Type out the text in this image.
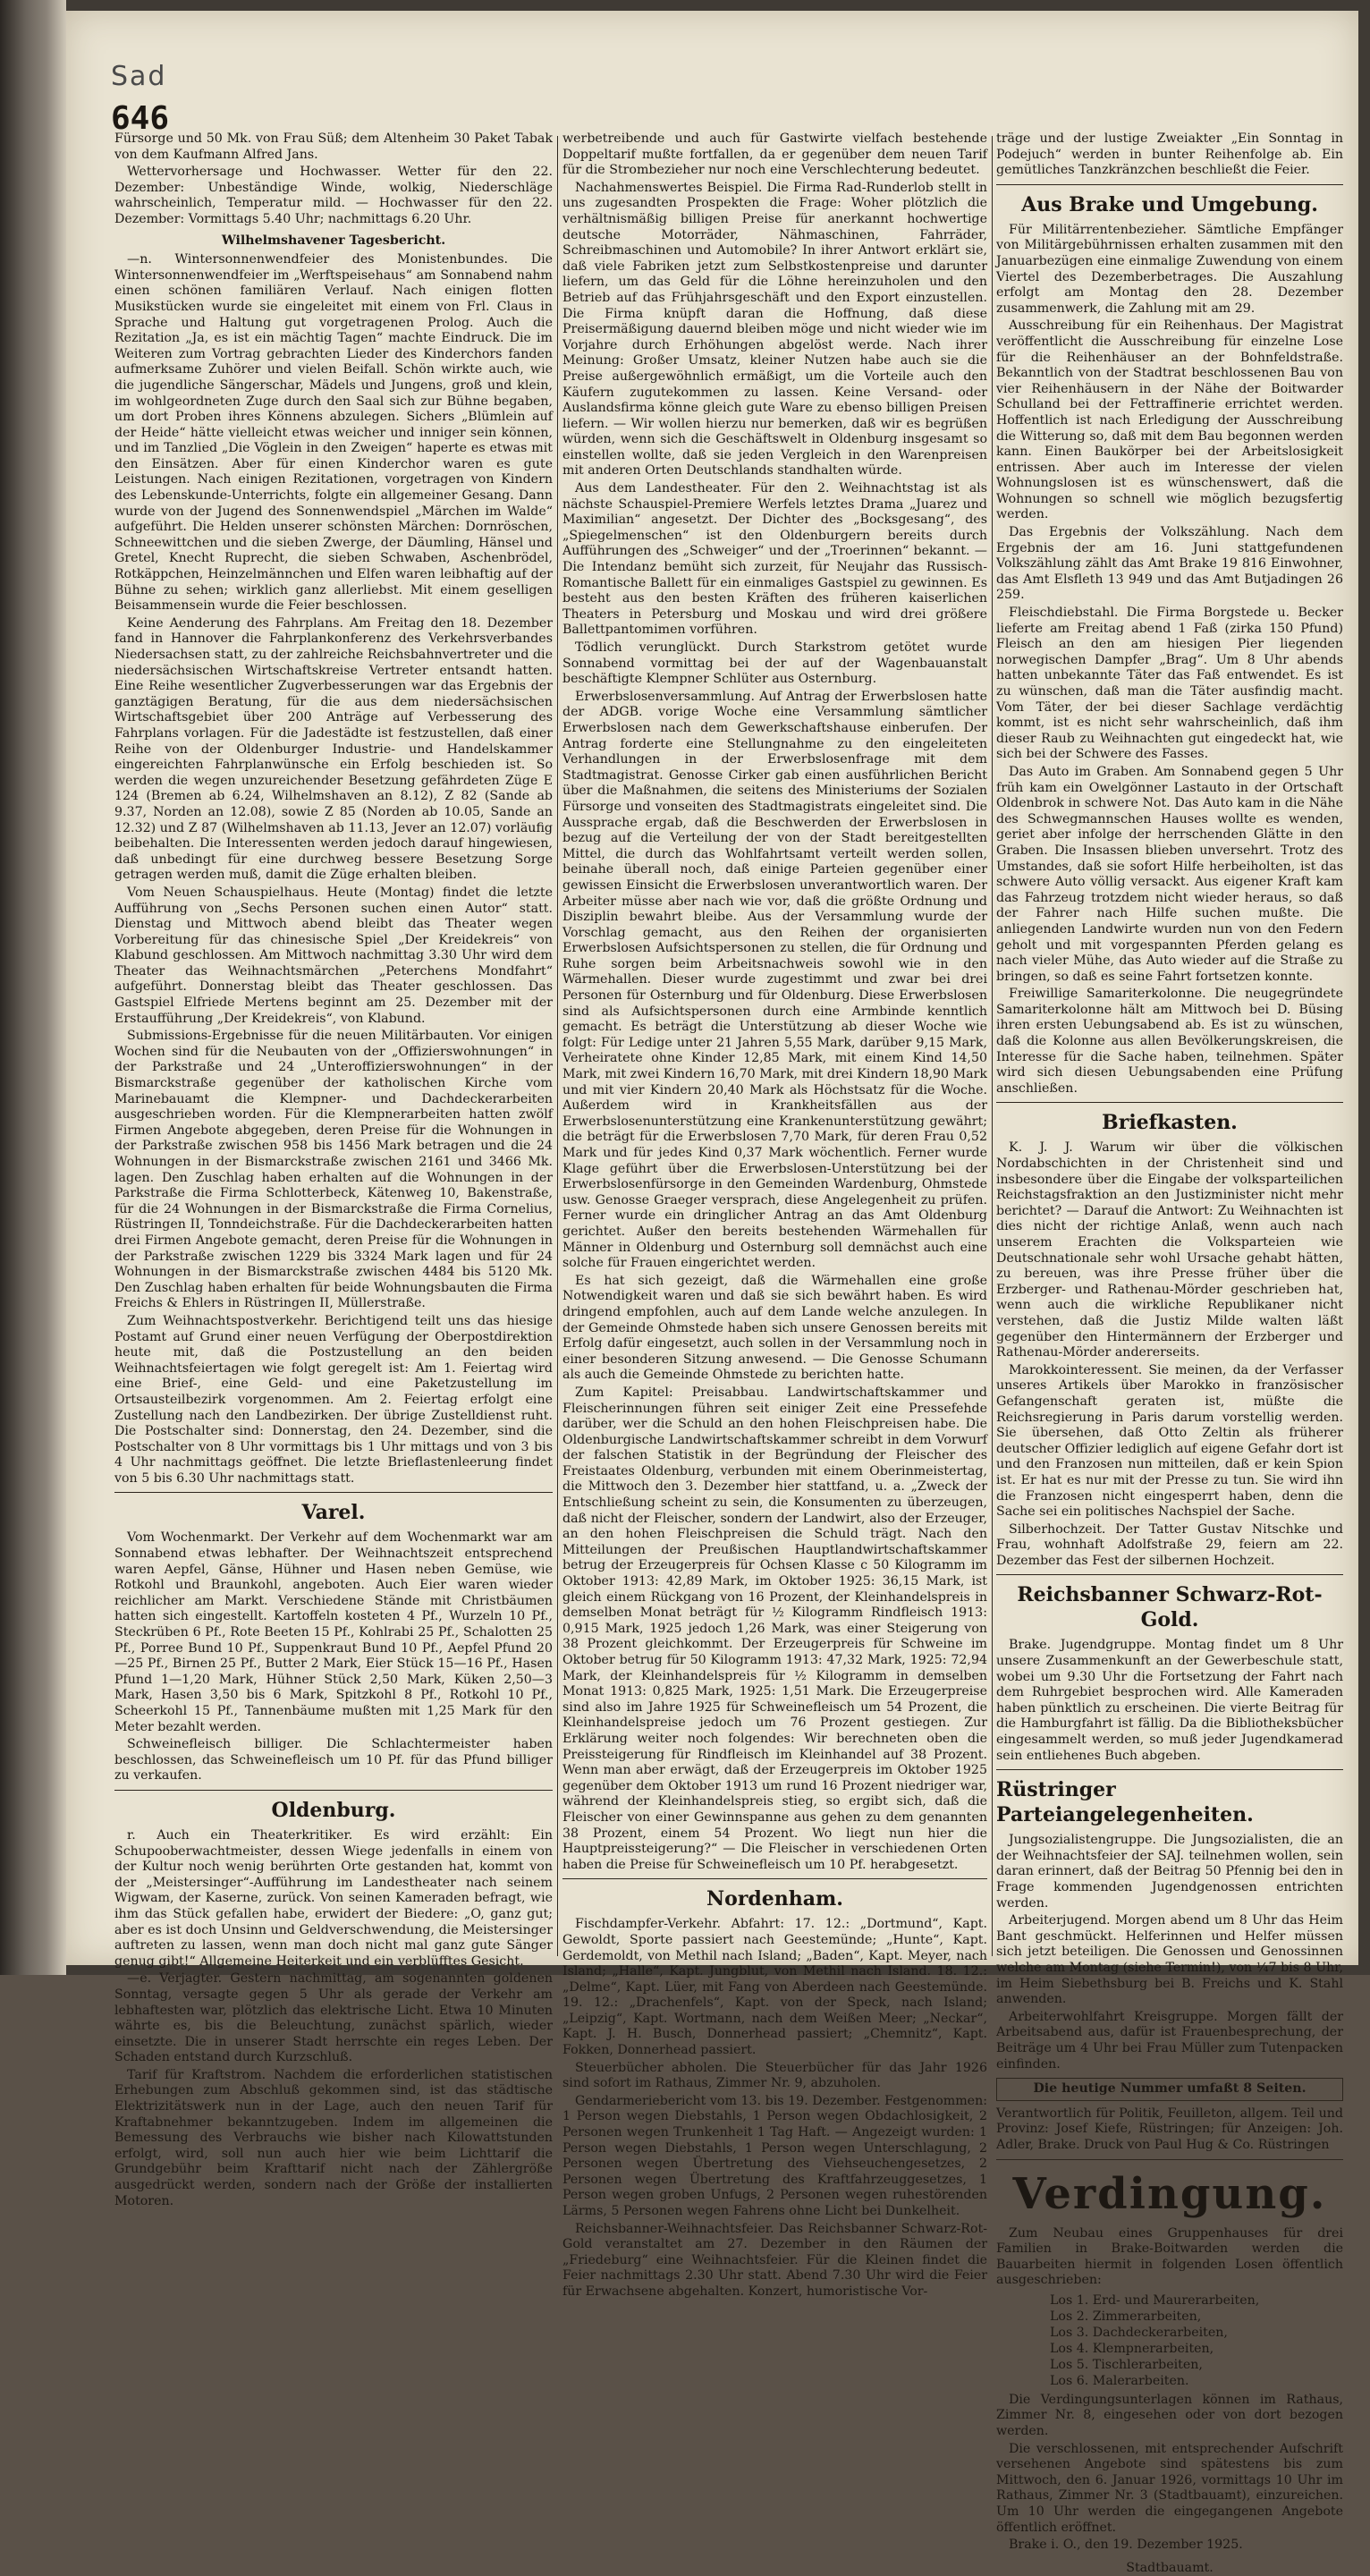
Sad
646

Fürsorge und 50 Mk. von Frau Süß; dem Altenheim 30 Paket Tabak von dem Kaufmann Alfred Jans.

Wettervorhersage und Hochwasser. Wetter für den 22. Dezember: Unbeständige Winde, wolkig, Niederschläge wahrscheinlich, Temperatur mild. — Hochwasser für den 22. Dezember: Vormittags 5.40 Uhr; nachmittags 6.20 Uhr.

Wilhelmshavener Tagesbericht.

—n. Wintersonnenwendfeier des Monistenbundes. Die Wintersonnenwendfeier im „Werftspeisehaus“ am Sonnabend nahm einen schönen familiären Verlauf. Nach einigen flotten Musikstücken wurde sie eingeleitet mit einem von Frl. Claus in Sprache und Haltung gut vorgetragenen Prolog. Auch die Rezitation „Ja, es ist ein mächtig Tagen“ machte Eindruck. Die im Weiteren zum Vortrag gebrachten Lieder des Kinderchors fanden aufmerksame Zuhörer und vielen Beifall. Schön wirkte auch, wie die jugendliche Sängerschar, Mädels und Jungens, groß und klein, im wohlgeordneten Zuge durch den Saal sich zur Bühne begaben, um dort Proben ihres Könnens abzulegen. Sichers „Blümlein auf der Heide“ hätte vielleicht etwas weicher und inniger sein können, und im Tanzlied „Die Vöglein in den Zweigen“ haperte es etwas mit den Einsätzen. Aber für einen Kinderchor waren es gute Leistungen. Nach einigen Rezitationen, vorgetragen von Kindern des Lebenskunde-Unterrichts, folgte ein allgemeiner Gesang. Dann wurde von der Jugend des Sonnenwendspiel „Märchen im Walde“ aufgeführt. Die Helden unserer schönsten Märchen: Dornröschen, Schneewittchen und die sieben Zwerge, der Däumling, Hänsel und Gretel, Knecht Ruprecht, die sieben Schwaben, Aschenbrödel, Rotkäppchen, Heinzelmännchen und Elfen waren leibhaftig auf der Bühne zu sehen; wirklich ganz allerliebst. Mit einem geselligen Beisammensein wurde die Feier beschlossen.

Keine Aenderung des Fahrplans. Am Freitag den 18. Dezember fand in Hannover die Fahrplankonferenz des Verkehrsverbandes Niedersachsen statt, zu der zahlreiche Reichsbahnvertreter und die niedersächsischen Wirtschaftskreise Vertreter entsandt hatten. Eine Reihe wesentlicher Zugverbesserungen war das Ergebnis der ganztägigen Beratung, für die aus dem niedersächsischen Wirtschaftsgebiet über 200 Anträge auf Verbesserung des Fahrplans vorlagen. Für die Jadestädte ist festzustellen, daß einer Reihe von der Oldenburger Industrie- und Handelskammer eingereichten Fahrplanwünsche ein Erfolg beschieden ist. So werden die wegen unzureichender Besetzung gefährdeten Züge E 124 (Bremen ab 6.24, Wilhelmshaven an 8.12), Z 82 (Sande ab 9.37, Norden an 12.08), sowie Z 85 (Norden ab 10.05, Sande an 12.32) und Z 87 (Wilhelmshaven ab 11.13, Jever an 12.07) vorläufig beibehalten. Die Interessenten werden jedoch darauf hingewiesen, daß unbedingt für eine durchweg bessere Besetzung Sorge getragen werden muß, damit die Züge erhalten bleiben.

Vom Neuen Schauspielhaus. Heute (Montag) findet die letzte Aufführung von „Sechs Personen suchen einen Autor“ statt. Dienstag und Mittwoch abend bleibt das Theater wegen Vorbereitung für das chinesische Spiel „Der Kreidekreis“ von Klabund geschlossen. Am Mittwoch nachmittag 3.30 Uhr wird dem Theater das Weihnachtsmärchen „Peterchens Mondfahrt“ aufgeführt. Donnerstag bleibt das Theater geschlossen. Das Gastspiel Elfriede Mertens beginnt am 25. Dezember mit der Erstaufführung „Der Kreidekreis“, von Klabund.

Submissions-Ergebnisse für die neuen Militärbauten. Vor einigen Wochen sind für die Neubauten von der „Offizierswohnungen“ in der Parkstraße und 24 „Unteroffizierswohnungen“ in der Bismarckstraße gegenüber der katholischen Kirche vom Marinebauamt die Klempner- und Dachdeckerarbeiten ausgeschrieben worden. Für die Klempnerarbeiten hatten zwölf Firmen Angebote abgegeben, deren Preise für die Wohnungen in der Parkstraße zwischen 958 bis 1456 Mark betragen und die 24 Wohnungen in der Bismarckstraße zwischen 2161 und 3466 Mk. lagen. Den Zuschlag haben erhalten auf die Wohnungen in der Parkstraße die Firma Schlotterbeck, Kätenweg 10, Bakenstraße, für die 24 Wohnungen in der Bismarckstraße die Firma Cornelius, Rüstringen II, Tonndeichstraße. Für die Dachdeckerarbeiten hatten drei Firmen Angebote gemacht, deren Preise für die Wohnungen in der Parkstraße zwischen 1229 bis 3324 Mark lagen und für 24 Wohnungen in der Bismarckstraße zwischen 4484 bis 5120 Mk. Den Zuschlag haben erhalten für beide Wohnungsbauten die Firma Freichs & Ehlers in Rüstringen II, Müllerstraße.

Zum Weihnachtspostverkehr. Berichtigend teilt uns das hiesige Postamt auf Grund einer neuen Verfügung der Oberpostdirektion heute mit, daß die Postzustellung an den beiden Weihnachtsfeiertagen wie folgt geregelt ist: Am 1. Feiertag wird eine Brief-, eine Geld- und eine Paketzustellung im Ortsausteilbezirk vorgenommen. Am 2. Feiertag erfolgt eine Zustellung nach den Landbezirken. Der übrige Zustelldienst ruht. Die Postschalter sind: Donnerstag, den 24. Dezember, sind die Postschalter von 8 Uhr vormittags bis 1 Uhr mittags und von 3 bis 4 Uhr nachmittags geöffnet. Die letzte Brieflastenleerung findet von 5 bis 6.30 Uhr nachmittags statt.

Varel.

Vom Wochenmarkt. Der Verkehr auf dem Wochenmarkt war am Sonnabend etwas lebhafter. Der Weihnachtszeit entsprechend waren Aepfel, Gänse, Hühner und Hasen neben Gemüse, wie Rotkohl und Braunkohl, angeboten. Auch Eier waren wieder reichlicher am Markt. Verschiedene Stände mit Christbäumen hatten sich eingestellt. Kartoffeln kosteten 4 Pf., Wurzeln 10 Pf., Steckrüben 6 Pf., Rote Beeten 15 Pf., Kohlrabi 25 Pf., Schalotten 25 Pf., Porree Bund 10 Pf., Suppenkraut Bund 10 Pf., Aepfel Pfund 20—25 Pf., Birnen 25 Pf., Butter 2 Mark, Eier Stück 15—16 Pf., Hasen Pfund 1—1,20 Mark, Hühner Stück 2,50 Mark, Küken 2,50—3 Mark, Hasen 3,50 bis 6 Mark, Spitzkohl 8 Pf., Rotkohl 10 Pf., Scheerkohl 15 Pf., Tannenbäume mußten mit 1,25 Mark für den Meter bezahlt werden.

Schweinefleisch billiger. Die Schlachtermeister haben beschlossen, das Schweinefleisch um 10 Pf. für das Pfund billiger zu verkaufen.

Oldenburg.

r. Auch ein Theaterkritiker. Es wird erzählt: Ein Schupooberwachtmeister, dessen Wiege jedenfalls in einem von der Kultur noch wenig berührten Orte gestanden hat, kommt von der „Meistersinger“-Aufführung im Landestheater nach seinem Wigwam, der Kaserne, zurück. Von seinen Kameraden befragt, wie ihm das Stück gefallen habe, erwidert der Biedere: „O, ganz gut; aber es ist doch Unsinn und Geldverschwendung, die Meistersinger auftreten zu lassen, wenn man doch nicht mal ganz gute Sänger genug gibt!“ Allgemeine Heiterkeit und ein verblüfftes Gesicht.

—e. Verjagter. Gestern nachmittag, am sogenannten goldenen Sonntag, versagte gegen 5 Uhr als gerade der Verkehr am lebhaftesten war, plötzlich das elektrische Licht. Etwa 10 Minuten währte es, bis die Beleuchtung, zunächst spärlich, wieder einsetzte. Die in unserer Stadt herrschte ein reges Leben. Der Schaden entstand durch Kurzschluß.

Tarif für Kraftstrom. Nachdem die erforderlichen statistischen Erhebungen zum Abschluß gekommen sind, ist das städtische Elektrizitätswerk nun in der Lage, auch den neuen Tarif für Kraftabnehmer bekanntzugeben. Indem im allgemeinen die Bemessung des Verbrauchs wie bisher nach Kilowattstunden erfolgt, wird, soll nun auch hier wie beim Lichttarif die Grundgebühr beim Krafttarif nicht nach der Zählergröße ausgedrückt werden, sondern nach der Größe der installierten Motoren.

werbetreibende und auch für Gastwirte vielfach bestehende Doppeltarif mußte fortfallen, da er gegenüber dem neuen Tarif für die Strombezieher nur noch eine Verschlechterung bedeutet.

Nachahmenswertes Beispiel. Die Firma Rad-Runderlob stellt in uns zugesandten Prospekten die Frage: Woher plötzlich die verhältnismäßig billigen Preise für anerkannt hochwertige deutsche Motorräder, Nähmaschinen, Fahrräder, Schreibmaschinen und Automobile? In ihrer Antwort erklärt sie, daß viele Fabriken jetzt zum Selbstkostenpreise und darunter liefern, um das Geld für die Löhne hereinzuholen und den Betrieb auf das Frühjahrsgeschäft und den Export einzustellen. Die Firma knüpft daran die Hoffnung, daß diese Preisermäßigung dauernd bleiben möge und nicht wieder wie im Vorjahre durch Erhöhungen abgelöst werde. Nach ihrer Meinung: Großer Umsatz, kleiner Nutzen habe auch sie die Preise außergewöhnlich ermäßigt, um die Vorteile auch den Käufern zugutekommen zu lassen. Keine Versand- oder Auslandsfirma könne gleich gute Ware zu ebenso billigen Preisen liefern. — Wir wollen hierzu nur bemerken, daß wir es begrüßen würden, wenn sich die Geschäftswelt in Oldenburg insgesamt so einstellen wollte, daß sie jeden Vergleich in den Warenpreisen mit anderen Orten Deutschlands standhalten würde.

Aus dem Landestheater. Für den 2. Weihnachtstag ist als nächste Schauspiel-Premiere Werfels letztes Drama „Juarez und Maximilian“ angesetzt. Der Dichter des „Bocksgesang“, des „Spiegelmenschen“ ist den Oldenburgern bereits durch Aufführungen des „Schweiger“ und der „Troerinnen“ bekannt. — Die Intendanz bemüht sich zurzeit, für Neujahr das Russisch-Romantische Ballett für ein einmaliges Gastspiel zu gewinnen. Es besteht aus den besten Kräften des früheren kaiserlichen Theaters in Petersburg und Moskau und wird drei größere Ballettpantomimen vorführen.

Tödlich verunglückt. Durch Starkstrom getötet wurde Sonnabend vormittag bei der auf der Wagenbauanstalt beschäftigte Klempner Schlüter aus Osternburg.

Erwerbslosenversammlung. Auf Antrag der Erwerbslosen hatte der ADGB. vorige Woche eine Versammlung sämtlicher Erwerbslosen nach dem Gewerkschaftshause einberufen. Der Antrag forderte eine Stellungnahme zu den eingeleiteten Verhandlungen in der Erwerbslosenfrage mit dem Stadtmagistrat. Genosse Cirker gab einen ausführlichen Bericht über die Maßnahmen, die seitens des Ministeriums der Sozialen Fürsorge und vonseiten des Stadtmagistrats eingeleitet sind. Die Aussprache ergab, daß die Beschwerden der Erwerbslosen in bezug auf die Verteilung der von der Stadt bereitgestellten Mittel, die durch das Wohlfahrtsamt verteilt werden sollen, beinahe überall noch, daß einige Parteien gegenüber einer gewissen Einsicht die Erwerbslosen unverantwortlich waren. Der Arbeiter müsse aber nach wie vor, daß die größte Ordnung und Disziplin bewahrt bleibe. Aus der Versammlung wurde der Vorschlag gemacht, aus den Reihen der organisierten Erwerbslosen Aufsichtspersonen zu stellen, die für Ordnung und Ruhe sorgen beim Arbeitsnachweis sowohl wie in den Wärmehallen. Dieser wurde zugestimmt und zwar bei drei Personen für Osternburg und für Oldenburg. Diese Erwerbslosen sind als Aufsichtspersonen durch eine Armbinde kenntlich gemacht. Es beträgt die Unterstützung ab dieser Woche wie folgt: Für Ledige unter 21 Jahren 5,55 Mark, darüber 9,15 Mark, Verheiratete ohne Kinder 12,85 Mark, mit einem Kind 14,50 Mark, mit zwei Kindern 16,70 Mark, mit drei Kindern 18,90 Mark und mit vier Kindern 20,40 Mark als Höchstsatz für die Woche. Außerdem wird in Krankheitsfällen aus der Erwerbslosenunterstützung eine Krankenunterstützung gewährt; die beträgt für die Erwerbslosen 7,70 Mark, für deren Frau 0,52 Mark und für jedes Kind 0,37 Mark wöchentlich. Ferner wurde Klage geführt über die Erwerbslosen-Unterstützung bei der Erwerbslosenfürsorge in den Gemeinden Wardenburg, Ohmstede usw. Genosse Graeger versprach, diese Angelegenheit zu prüfen. Ferner wurde ein dringlicher Antrag an das Amt Oldenburg gerichtet. Außer den bereits bestehenden Wärmehallen für Männer in Oldenburg und Osternburg soll demnächst auch eine solche für Frauen eingerichtet werden.

Es hat sich gezeigt, daß die Wärmehallen eine große Notwendigkeit waren und daß sie sich bewährt haben. Es wird dringend empfohlen, auch auf dem Lande welche anzulegen. In der Gemeinde Ohmstede haben sich unsere Genossen bereits mit Erfolg dafür eingesetzt, auch sollen in der Versammlung noch in einer besonderen Sitzung anwesend. — Die Genosse Schumann als auch die Gemeinde Ohmstede zu berichten hatte.

Zum Kapitel: Preisabbau. Landwirtschaftskammer und Fleischerinnungen führen seit einiger Zeit eine Pressefehde darüber, wer die Schuld an den hohen Fleischpreisen habe. Die Oldenburgische Landwirtschaftskammer schreibt in dem Vorwurf der falschen Statistik in der Begründung der Fleischer des Freistaates Oldenburg, verbunden mit einem Oberinmeistertag, die Mittwoch den 3. Dezember hier stattfand, u. a. „Zweck der Entschließung scheint zu sein, die Konsumenten zu überzeugen, daß nicht der Fleischer, sondern der Landwirt, also der Erzeuger, an den hohen Fleischpreisen die Schuld trägt. Nach den Mitteilungen der Preußischen Hauptlandwirtschaftskammer betrug der Erzeugerpreis für Ochsen Klasse c 50 Kilogramm im Oktober 1913: 42,89 Mark, im Oktober 1925: 36,15 Mark, ist gleich einem Rückgang von 16 Prozent, der Kleinhandelspreis in demselben Monat beträgt für ½ Kilogramm Rindfleisch 1913: 0,915 Mark, 1925 jedoch 1,26 Mark, was einer Steigerung von 38 Prozent gleichkommt. Der Erzeugerpreis für Schweine im Oktober betrug für 50 Kilogramm 1913: 47,32 Mark, 1925: 72,94 Mark, der Kleinhandelspreis für ½ Kilogramm in demselben Monat 1913: 0,825 Mark, 1925: 1,51 Mark. Die Erzeugerpreise sind also im Jahre 1925 für Schweinefleisch um 54 Prozent, die Kleinhandelspreise jedoch um 76 Prozent gestiegen. Zur Erklärung weiter noch folgendes: Wir berechneten oben die Preissteigerung für Rindfleisch im Kleinhandel auf 38 Prozent. Wenn man aber erwägt, daß der Erzeugerpreis im Oktober 1925 gegenüber dem Oktober 1913 um rund 16 Prozent niedriger war, während der Kleinhandelspreis stieg, so ergibt sich, daß die Fleischer von einer Gewinnspanne aus gehen zu dem genannten 38 Prozent, einem 54 Prozent. Wo liegt nun hier die Hauptpreissteigerung?“ — Die Fleischer in verschiedenen Orten haben die Preise für Schweinefleisch um 10 Pf. herabgesetzt.

Nordenham.

Fischdampfer-Verkehr. Abfahrt: 17. 12.: „Dortmund“, Kapt. Gewoldt, Sporte passiert nach Geestemünde; „Hunte“, Kapt. Gerdemoldt, von Methil nach Island; „Baden“, Kapt. Meyer, nach Island; „Halle“, Kapt. Jungblut, von Methil nach Island. 18. 12.: „Delme“, Kapt. Lüer, mit Fang von Aberdeen nach Geestemünde. 19. 12.: „Drachenfels“, Kapt. von der Speck, nach Island; „Leipzig“, Kapt. Wortmann, nach dem Weißen Meer; „Neckar“, Kapt. J. H. Busch, Donnerhead passiert; „Chemnitz“, Kapt. Fokken, Donnerhead passiert.

Steuerbücher abholen. Die Steuerbücher für das Jahr 1926 sind sofort im Rathaus, Zimmer Nr. 9, abzuholen.

Gendarmeriebericht vom 13. bis 19. Dezember. Festgenommen: 1 Person wegen Diebstahls, 1 Person wegen Obdachlosigkeit, 2 Personen wegen Trunkenheit 1 Tag Haft. — Angezeigt wurden: 1 Person wegen Diebstahls, 1 Person wegen Unterschlagung, 2 Personen wegen Übertretung des Viehseuchengesetzes, 2 Personen wegen Übertretung des Kraftfahrzeuggesetzes, 1 Person wegen groben Unfugs, 2 Personen wegen ruhestörenden Lärms, 5 Personen wegen Fahrens ohne Licht bei Dunkelheit.

Reichsbanner-Weihnachtsfeier. Das Reichsbanner Schwarz-Rot-Gold veranstaltet am 27. Dezember in den Räumen der „Friedeburg“ eine Weihnachtsfeier. Für die Kleinen findet die Feier nachmittags 2.30 Uhr statt. Abend 7.30 Uhr wird die Feier für Erwachsene abgehalten. Konzert, humoristische Vor-

träge und der lustige Zweiakter „Ein Sonntag in Podejuch“ werden in bunter Reihenfolge ab. Ein gemütliches Tanzkränzchen beschließt die Feier.

Aus Brake und Umgebung.

Für Militärrentenbezieher. Sämtliche Empfänger von Militärgebührnissen erhalten zusammen mit den Januarbezügen eine einmalige Zuwendung von einem Viertel des Dezemberbetrages. Die Auszahlung erfolgt am Montag den 28. Dezember zusammenwerk, die Zahlung mit am 29.

Ausschreibung für ein Reihenhaus. Der Magistrat veröffentlicht die Ausschreibung für einzelne Lose für die Reihenhäuser an der Bohnfeldstraße. Bekanntlich von der Stadtrat beschlossenen Bau von vier Reihenhäusern in der Nähe der Boitwarder Schulland bei der Fettraffinerie errichtet werden. Hoffentlich ist nach Erledigung der Ausschreibung die Witterung so, daß mit dem Bau begonnen werden kann. Einen Baukörper bei der Arbeitslosigkeit entrissen. Aber auch im Interesse der vielen Wohnungslosen ist es wünschenswert, daß die Wohnungen so schnell wie möglich bezugsfertig werden.

Das Ergebnis der Volkszählung. Nach dem Ergebnis der am 16. Juni stattgefundenen Volkszählung zählt das Amt Brake 19 816 Einwohner, das Amt Elsfleth 13 949 und das Amt Butjadingen 26 259.

Fleischdiebstahl. Die Firma Borgstede u. Becker lieferte am Freitag abend 1 Faß (zirka 150 Pfund) Fleisch an den am hiesigen Pier liegenden norwegischen Dampfer „Brag“. Um 8 Uhr abends hatten unbekannte Täter das Faß entwendet. Es ist zu wünschen, daß man die Täter ausfindig macht. Vom Täter, der bei dieser Sachlage verdächtig kommt, ist es nicht sehr wahrscheinlich, daß ihm dieser Raub zu Weihnachten gut eingedeckt hat, wie sich bei der Schwere des Fasses.

Das Auto im Graben. Am Sonnabend gegen 5 Uhr früh kam ein Owelgönner Lastauto in der Ortschaft Oldenbrok in schwere Not. Das Auto kam in die Nähe des Schwegmannschen Hauses wollte es wenden, geriet aber infolge der herrschenden Glätte in den Graben. Die Insassen blieben unversehrt. Trotz des Umstandes, daß sie sofort Hilfe herbeiholten, ist das schwere Auto völlig versackt. Aus eigener Kraft kam das Fahrzeug trotzdem nicht wieder heraus, so daß der Fahrer nach Hilfe suchen mußte. Die anliegenden Landwirte wurden nun von den Federn geholt und mit vorgespannten Pferden gelang es nach vieler Mühe, das Auto wieder auf die Straße zu bringen, so daß es seine Fahrt fortsetzen konnte.

Freiwillige Samariterkolonne. Die neugegründete Samariterkolonne hält am Mittwoch bei D. Büsing ihren ersten Uebungsabend ab. Es ist zu wünschen, daß die Kolonne aus allen Bevölkerungskreisen, die Interesse für die Sache haben, teilnehmen. Später wird sich diesen Uebungsabenden eine Prüfung anschließen.

Briefkasten.

K. J. J. Warum wir über die völkischen Nordabschichten in der Christenheit sind und insbesondere über die Eingabe der volksparteilichen Reichstagsfraktion an den Justizminister nicht mehr berichtet? — Darauf die Antwort: Zu Weihnachten ist dies nicht der richtige Anlaß, wenn auch nach unserem Erachten die Volksparteien wie Deutschnationale sehr wohl Ursache gehabt hätten, zu bereuen, was ihre Presse früher über die Erzberger- und Rathenau-Mörder geschrieben hat, wenn auch die wirkliche Republikaner nicht verstehen, daß die Justiz Milde walten läßt gegenüber den Hintermännern der Erzberger und Rathenau-Mörder andererseits.

Marokkointeressent. Sie meinen, da der Verfasser unseres Artikels über Marokko in französischer Gefangenschaft geraten ist, müßte die Reichsregierung in Paris darum vorstellig werden. Sie übersehen, daß Otto Zeltin als früherer deutscher Offizier lediglich auf eigene Gefahr dort ist und den Franzosen nun mitteilen, daß er kein Spion ist. Er hat es nur mit der Presse zu tun. Sie wird ihn die Franzosen nicht eingesperrt haben, denn die Sache sei ein politisches Nachspiel der Sache.

Silberhochzeit. Der Tatter Gustav Nitschke und Frau, wohnhaft Adolfstraße 29, feiern am 22. Dezember das Fest der silbernen Hochzeit.

Reichsbanner Schwarz-Rot-Gold.

Brake. Jugendgruppe. Montag findet um 8 Uhr unsere Zusammenkunft an der Gewerbeschule statt, wobei um 9.30 Uhr die Fortsetzung der Fahrt nach dem Ruhrgebiet besprochen wird. Alle Kameraden haben pünktlich zu erscheinen. Die vierte Beitrag für die Hamburgfahrt ist fällig. Da die Bibliotheksbücher eingesammelt werden, so muß jeder Jugendkamerad sein entliehenes Buch abgeben.

Rüstringer Parteiangelegenheiten.

Jungsozialistengruppe. Die Jungsozialisten, die an der Weihnachtsfeier der SAJ. teilnehmen wollen, sein daran erinnert, daß der Beitrag 50 Pfennig bei den in Frage kommenden Jugendgenossen entrichten werden.

Arbeiterjugend. Morgen abend um 8 Uhr das Heim Bant geschmückt. Helferinnen und Helfer müssen sich jetzt beteiligen. Die Genossen und Genossinnen welche am Montag (siehe Termin!), von ¼7 bis 8 Uhr, im Heim Siebethsburg bei B. Freichs und K. Stahl anwenden.

Arbeiterwohlfahrt Kreisgruppe. Morgen fällt der Arbeitsabend aus, dafür ist Frauenbesprechung, der Beiträge um 4 Uhr bei Frau Müller zum Tutenpacken einfinden.

Die heutige Nummer umfaßt 8 Seiten.

Verantwortlich für Politik, Feuilleton, allgem. Teil und Provinz: Josef Kiefe, Rüstringen; für Anzeigen: Joh. Adler, Brake. Druck von Paul Hug & Co. Rüstringen

Verdingung.

Zum Neubau eines Gruppenhauses für drei Familien in Brake-Boitwarden werden die Bauarbeiten hiermit in folgenden Losen öffentlich ausgeschrieben:

Los 1. Erd- und Maurerarbeiten,
Los 2. Zimmerarbeiten,
Los 3. Dachdeckerarbeiten,
Los 4. Klempnerarbeiten,
Los 5. Tischlerarbeiten,
Los 6. Malerarbeiten.

Die Verdingungsunterlagen können im Rathaus, Zimmer Nr. 8, eingesehen oder von dort bezogen werden.

Die verschlossenen, mit entsprechender Aufschrift versehenen Angebote sind spätestens bis zum Mittwoch, den 6. Januar 1926, vormittags 10 Uhr im Rathaus, Zimmer Nr. 3 (Stadtbauamt), einzureichen. Um 10 Uhr werden die eingegangenen Angebote öffentlich eröffnet.

Brake i. O., den 19. Dezember 1925.

Stadtbauamt.
